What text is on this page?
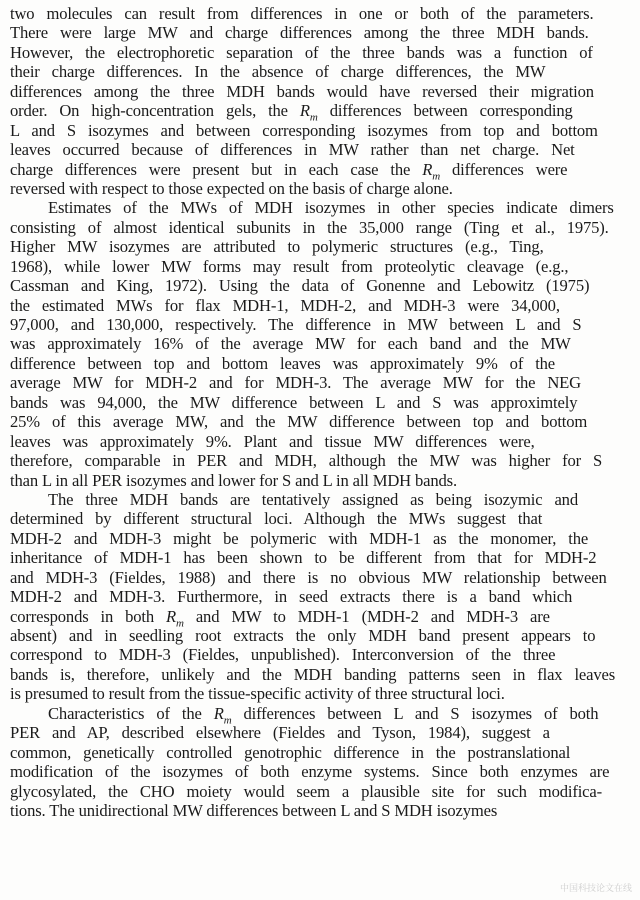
two molecules can result from differences in one or both of the parameters.
There were large MW and charge differences among the three MDH bands.
However, the electrophoretic separation of the three bands was a function of
their charge differences. In the absence of charge differences, the MW
differences among the three MDH bands would have reversed their migration
order. On high-concentration gels, the $R_m$ differences between corresponding
L and S isozymes and between corresponding isozymes from top and bottom
leaves occurred because of differences in MW rather than net charge. Net
charge differences were present but in each case the $R_m$ differences were
reversed with respect to those expected on the basis of charge alone.
Estimates of the MWs of MDH isozymes in other species indicate dimers
consisting of almost identical subunits in the 35,000 range (Ting et al., 1975).
Higher MW isozymes are attributed to polymeric structures (e.g., Ting,
1968), while lower MW forms may result from proteolytic cleavage (e.g.,
Cassman and King, 1972). Using the data of Gonenne and Lebowitz (1975)
the estimated MWs for flax MDH-1, MDH-2, and MDH-3 were 34,000,
97,000, and 130,000, respectively. The difference in MW between L and S
was approximately 16% of the average MW for each band and the MW
difference between top and bottom leaves was approximately 9% of the
average MW for MDH-2 and for MDH-3. The average MW for the NEG
bands was 94,000, the MW difference between L and S was approximtely
25% of this average MW, and the MW difference between top and bottom
leaves was approximately 9%. Plant and tissue MW differences were,
therefore, comparable in PER and MDH, although the MW was higher for S
than L in all PER isozymes and lower for S and L in all MDH bands.
The three MDH bands are tentatively assigned as being isozymic and
determined by different structural loci. Although the MWs suggest that
MDH-2 and MDH-3 might be polymeric with MDH-1 as the monomer, the
inheritance of MDH-1 has been shown to be different from that for MDH-2
and MDH-3 (Fieldes, 1988) and there is no obvious MW relationship between
MDH-2 and MDH-3. Furthermore, in seed extracts there is a band which
corresponds in both $R_m$ and MW to MDH-1 (MDH-2 and MDH-3 are
absent) and in seedling root extracts the only MDH band present appears to
correspond to MDH-3 (Fieldes, unpublished). Interconversion of the three
bands is, therefore, unlikely and the MDH banding patterns seen in flax leaves
is presumed to result from the tissue-specific activity of three structural loci.
Characteristics of the $R_m$ differences between L and S isozymes of both
PER and AP, described elsewhere (Fieldes and Tyson, 1984), suggest a
common, genetically controlled genotrophic difference in the postranslational
modification of the isozymes of both enzyme systems. Since both enzymes are
glycosylated, the CHO moiety would seem a plausible site for such modifica-
tions. The unidirectional MW differences between L and S MDH isozymes
中国科技论文在线
